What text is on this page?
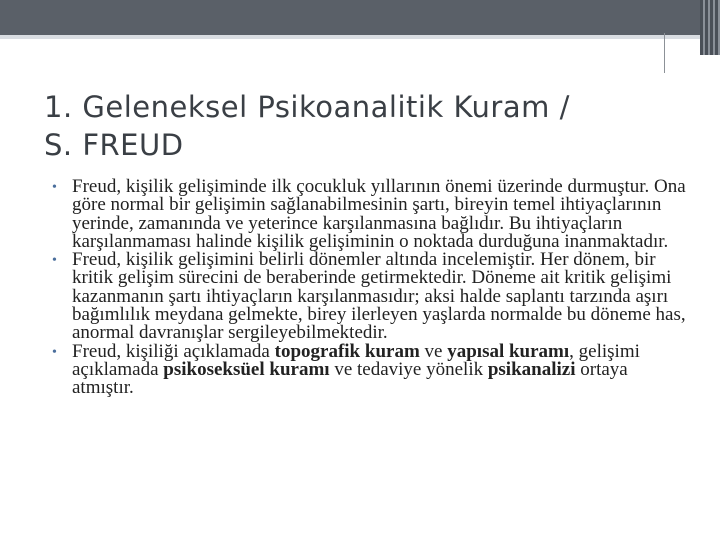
1. Geleneksel Psikoanalitik Kuram /
S. FREUD
• Freud, kişilik gelişiminde ilk çocukluk yıllarının önemi üzerinde durmuştur. Ona göre normal bir gelişimin sağlanabilmesinin şartı, bireyin temel ihtiyaçlarının yerinde, zamanında ve yeterince karşılanmasına bağlıdır. Bu ihtiyaçların karşılanmaması halinde kişilik gelişiminin o noktada durduğuna inanmaktadır.
• Freud, kişilik gelişimini belirli dönemler altında incelemiştir. Her dönem, bir kritik gelişim sürecini de beraberinde getirmektedir. Döneme ait kritik gelişimi kazanmanın şartı ihtiyaçların karşılanmasıdır; aksi halde saplantı tarzında aşırı bağımlılık meydana gelmekte, birey ilerleyen yaşlarda normalde bu döneme has, anormal davranışlar sergileyebilmektedir.
• Freud, kişiliği açıklamada topografik kuram ve yapısal kuramı, gelişimi açıklamada psikoseksüel kuramı ve tedaviye yönelik psikanalizi ortaya atmıştır.
